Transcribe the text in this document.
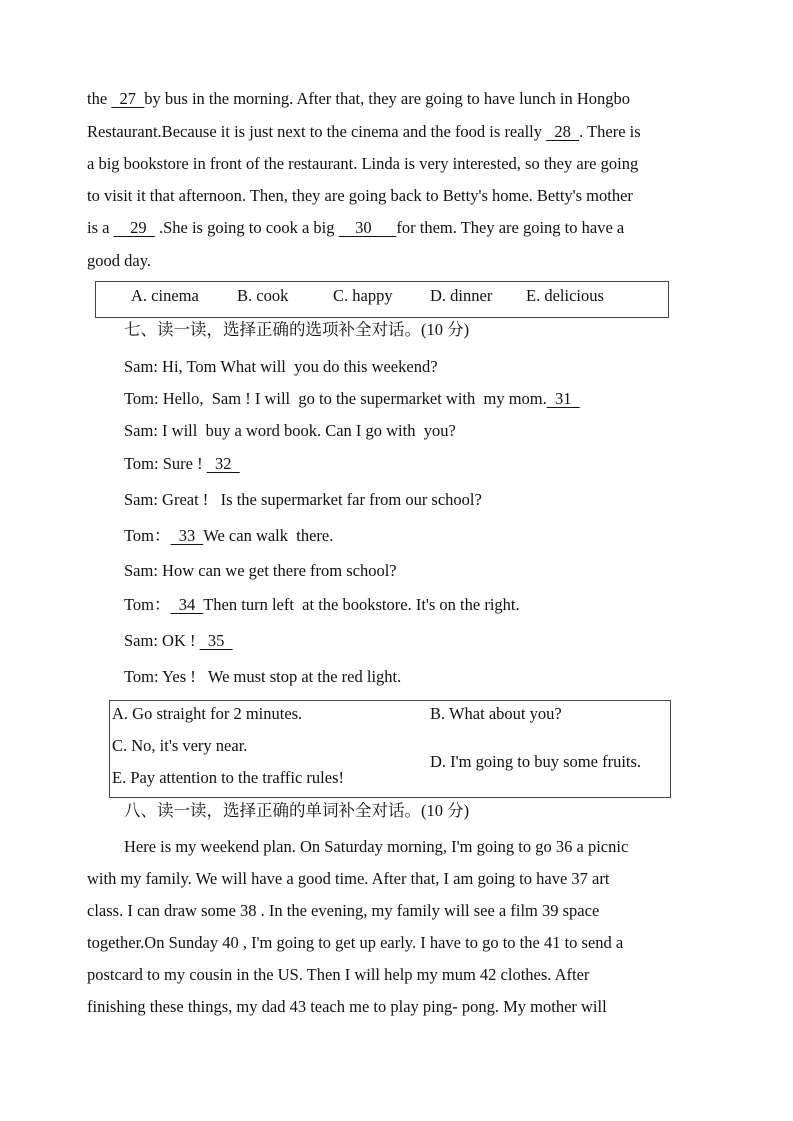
the   27  by bus in the morning. After that, they are going to have lunch in Hongbo
Restaurant.Because it is just next to the cinema and the food is really   28  . There is
a big bookstore in front of the restaurant. Linda is very interested, so they are going
to visit it that afternoon. Then, they are going back to Betty's home. Betty's mother
is a     29   .She is going to cook a big     30      for them. They are going to have a
good day.
A. cinema B. cook	C. happy D. dinner E. delicious
七、读一读，选择正确的选项补全对话。(10 分)
Sam: Hi, Tom What will  you do this weekend?
Tom: Hello,  Sam ! I will  go to the supermarket with  my mom.  31
Sam: I will  buy a word book. Can I go with  you?
Tom: Sure !   32
Sam: Great !   Is the supermarket far from our school?
Tom：  33  We can walk  there.
Sam: How can we get there from school?
Tom：  34  Then turn left  at the bookstore. It's on the right.
Sam: OK !   35
Tom: Yes !   We must stop at the red light.
A. Go straight for 2 minutes.	B. What about you?
C. No, it's very near.
D. I'm going to buy some fruits.
E. Pay attention to the traffic rules!
八、读一读，选择正确的单词补全对话。(10 分)
Here is my weekend plan. On Saturday morning, I'm going to go 36 a picnic
with my family. We will have a good time. After that, I am going to have 37 art
class. I can draw some 38 . In the evening, my family will see a film 39 space
together.On Sunday 40 , I'm going to get up early. I have to go to the 41 to send a
postcard to my cousin in the US. Then I will help my mum 42 clothes. After
finishing these things, my dad 43 teach me to play ping- pong. My mother will
